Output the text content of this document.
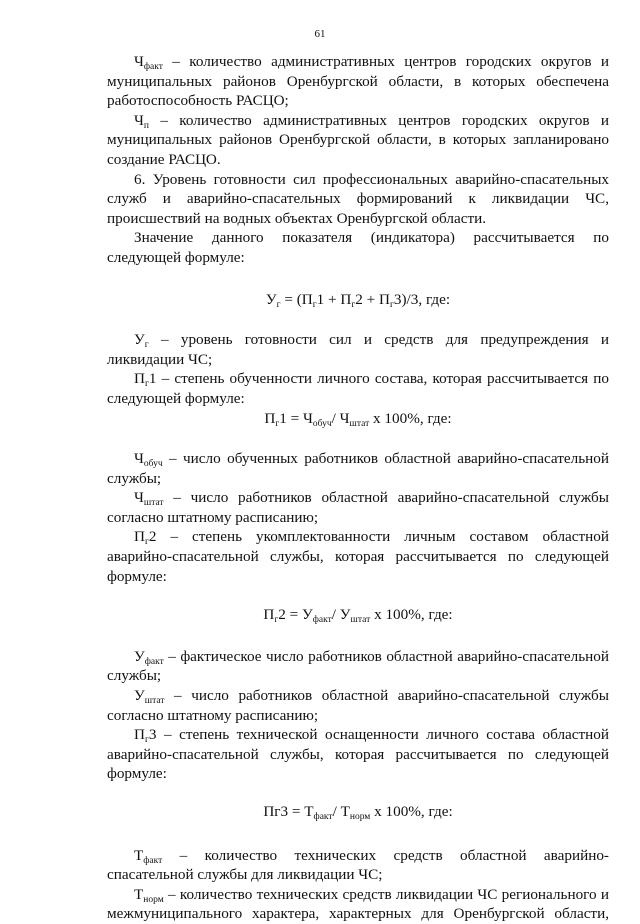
61

$Ч_{факт}$ – количество административных центров городских округов и муниципальных районов Оренбургской области, в которых обеспечена работоспособность РАСЦО;

$Ч_п$ – количество административных центров городских округов и муниципальных районов Оренбургской области, в которых запланировано создание РАСЦО.

6. Уровень готовности сил профессиональных аварийно-спасательных служб и аварийно-спасательных формирований к ликвидации ЧС, происшествий на водных объектах Оренбургской области.

Значение данного показателя (индикатора) рассчитывается по следующей формуле:

$У_г = (П_г1 + П_г2 + П_г3)/3$, где:

$У_г$ – уровень готовности сил и средств для предупреждения и ликвидации ЧС;

$П_г1$ – степень обученности личного состава, которая рассчитывается по следующей формуле:

$П_г1 = Ч_{обуч}/$ $Ч_{штат}$ х 100%, где:

$Ч_{обуч}$ – число обученных работников областной аварийно-спасательной службы;

$Ч_{штат}$ – число работников областной аварийно-спасательной службы согласно штатному расписанию;

$П_г2$ – степень укомплектованности личным составом областной аварийно-спасательной службы, которая рассчитывается по следующей формуле:

$П_г2 = У_{факт}/$ $У_{штат}$ х 100%, где:

$У_{факт}$ – фактическое число работников областной аварийно-спасательной службы;

$У_{штат}$ – число работников областной аварийно-спасательной службы согласно штатному расписанию;

$П_г3$ – степень технической оснащенности личного состава областной аварийно-спасательной службы, которая рассчитывается по следующей формуле:

$Пг3 = Т_{факт}/$ $Т_{норм}$ х 100%, где:

$Т_{факт}$ – количество технических средств областной аварийно-спасательной службы для ликвидации ЧС;

$Т_{норм}$ – количество технических средств ликвидации ЧС регионального и межмуниципального характера, характерных для Оренбургской области,
